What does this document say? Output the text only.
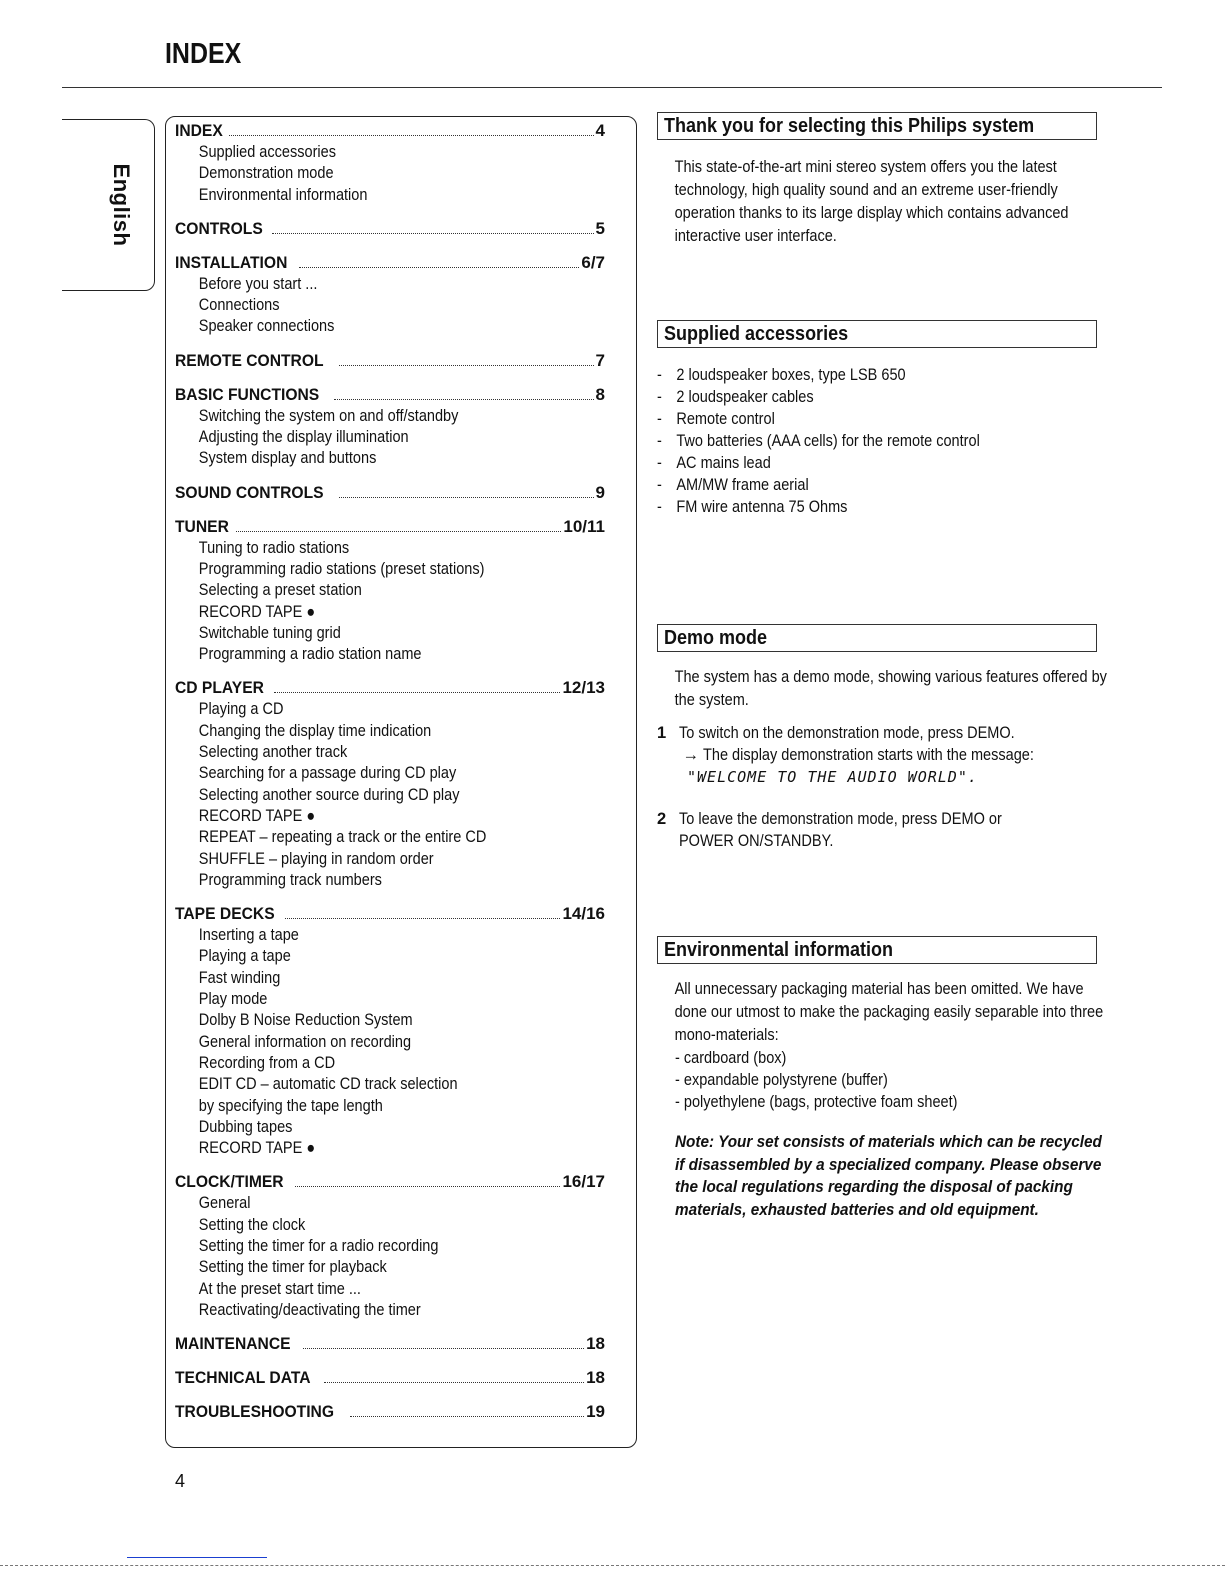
INDEX
English
INDEX	4
Supplied accessories
Demonstration mode
Environmental information
CONTROLS	5
INSTALLATION	6/7
Before you start ...
Connections
Speaker connections
REMOTE CONTROL	7
BASIC FUNCTIONS	8
Switching the system on and off/standby
Adjusting the display illumination
System display and buttons
SOUND CONTROLS	9
TUNER	10/11
Tuning to radio stations
Programming radio stations (preset stations)
Selecting a preset station
RECORD TAPE ●
Switchable tuning grid
Programming a radio station name
CD PLAYER	12/13
Playing a CD
Changing the display time indication
Selecting another track
Searching for a passage during CD play
Selecting another source during CD play
RECORD TAPE ●
REPEAT – repeating a track or the entire CD
SHUFFLE – playing in random order
Programming track numbers
TAPE DECKS	14/16
Inserting a tape
Playing a tape
Fast winding
Play mode
Dolby B Noise Reduction System
General information on recording
Recording from a CD
EDIT CD – automatic CD track selection
by specifying the tape length
Dubbing tapes
RECORD TAPE ●
CLOCK/TIMER	16/17
General
Setting the clock
Setting the timer for a radio recording
Setting the timer for playback
At the preset start time ...
Reactivating/deactivating the timer
MAINTENANCE	18
TECHNICAL DATA	18
TROUBLESHOOTING	19
Thank you for selecting this Philips system
This state-of-the-art mini stereo system offers you the latest technology, high quality sound and an extreme user-friendly operation thanks to its large display which contains advanced interactive user interface.
Supplied accessories
- 2 loudspeaker boxes, type LSB 650
- 2 loudspeaker cables
- Remote control
- Two batteries (AAA cells) for the remote control
- AC mains lead
- AM/MW frame aerial
- FM wire antenna 75 Ohms
Demo mode
The system has a demo mode, showing various features offered by the system.
1 To switch on the demonstration mode, press DEMO.
→ The display demonstration starts with the message:
"WELCOME TO THE AUDIO WORLD".
2 To leave the demonstration mode, press DEMO or POWER ON/STANDBY.
Environmental information
All unnecessary packaging material has been omitted. We have done our utmost to make the packaging easily separable into three mono-materials:
- cardboard (box)
- expandable polystyrene (buffer)
- polyethylene (bags, protective foam sheet)
Note: Your set consists of materials which can be recycled if disassembled by a specialized company. Please observe the local regulations regarding the disposal of packing materials, exhausted batteries and old equipment.
4
